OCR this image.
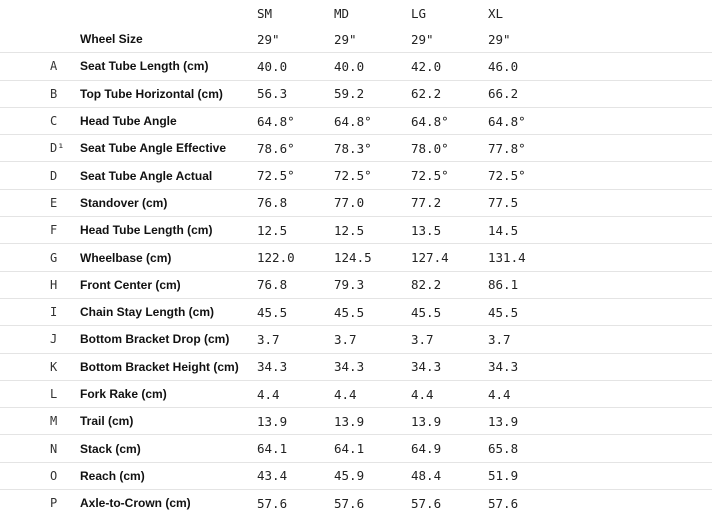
		SM	MD	LG	XL
	Wheel Size	29"	29"	29"	29"
A	Seat Tube Length (cm)	40.0	40.0	42.0	46.0
B	Top Tube Horizontal (cm)	56.3	59.2	62.2	66.2
C	Head Tube Angle	64.8°	64.8°	64.8°	64.8°
D¹	Seat Tube Angle Effective	78.6°	78.3°	78.0°	77.8°
D	Seat Tube Angle Actual	72.5°	72.5°	72.5°	72.5°
E	Standover (cm)	76.8	77.0	77.2	77.5
F	Head Tube Length (cm)	12.5	12.5	13.5	14.5
G	Wheelbase (cm)	122.0	124.5	127.4	131.4
H	Front Center (cm)	76.8	79.3	82.2	86.1
I	Chain Stay Length (cm)	45.5	45.5	45.5	45.5
J	Bottom Bracket Drop (cm)	3.7	3.7	3.7	3.7
K	Bottom Bracket Height (cm)	34.3	34.3	34.3	34.3
L	Fork Rake (cm)	4.4	4.4	4.4	4.4
M	Trail (cm)	13.9	13.9	13.9	13.9
N	Stack (cm)	64.1	64.1	64.9	65.8
O	Reach (cm)	43.4	45.9	48.4	51.9
P	Axle-to-Crown (cm)	57.6	57.6	57.6	57.6
